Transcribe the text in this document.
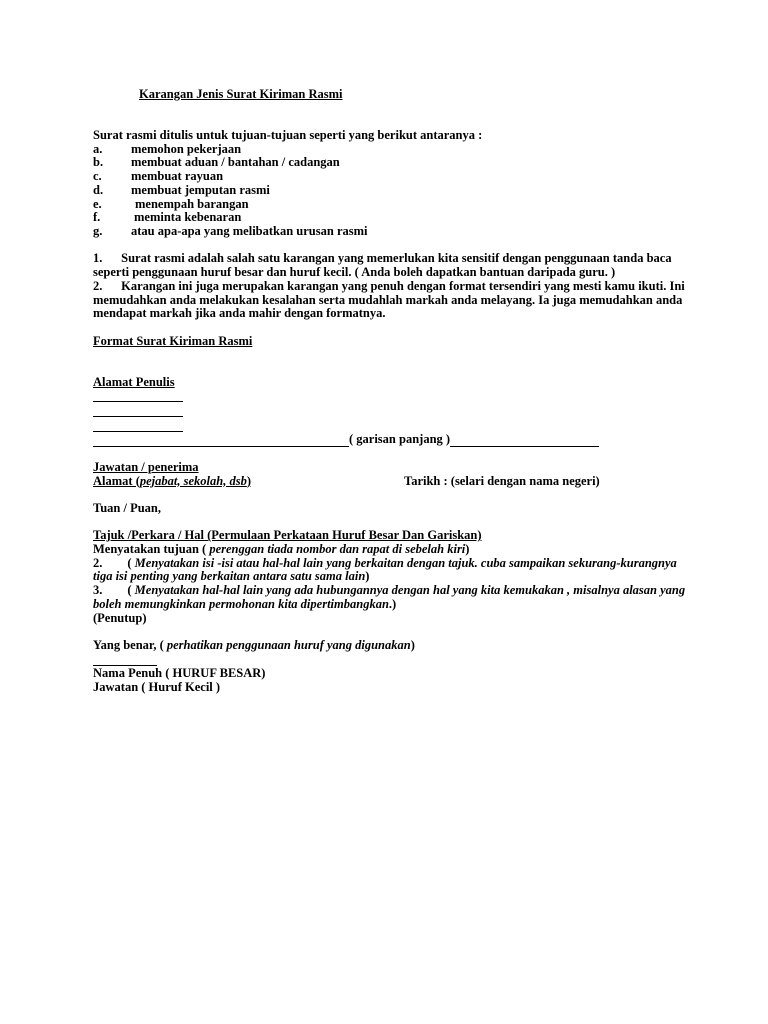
Karangan Jenis Surat Kiriman Rasmi
Surat rasmi ditulis untuk tujuan-tujuan seperti yang berikut antaranya :
a.	memohon pekerjaan
b.	membuat aduan / bantahan / cadangan
c.	membuat rayuan
d.	membuat jemputan rasmi
e.	menempah barangan
f.	meminta kebenaran
g.	atau apa-apa yang melibatkan urusan rasmi
1.      Surat rasmi adalah salah satu karangan yang memerlukan kita sensitif dengan penggunaan tanda baca seperti penggunaan huruf besar dan huruf kecil. ( Anda boleh dapatkan bantuan daripada guru. )
2.      Karangan ini juga merupakan karangan yang penuh dengan format tersendiri yang mesti kamu ikuti. Ini memudahkan anda melakukan kesalahan serta mudahlah markah anda melayang. Ia juga memudahkan anda mendapat markah jika anda mahir dengan formatnya.
Format Surat Kiriman Rasmi
Alamat Penulis
( garisan panjang )
Jawatan / penerima
Alamat (pejabat, sekolah, dsb)	Tarikh : (selari dengan nama negeri)
Tuan / Puan,
Tajuk /Perkara / Hal (Permulaan Perkataan Huruf Besar Dan Gariskan)
Menyatakan tujuan ( perenggan tiada nombor dan rapat di sebelah kiri)
2.        ( Menyatakan isi -isi atau hal-hal lain yang berkaitan dengan tajuk. cuba sampaikan sekurang-kurangnya tiga isi penting yang berkaitan antara satu sama lain)
3.        ( Menyatakan hal-hal lain yang ada hubungannya dengan hal yang kita kemukakan , misalnya alasan yang boleh memungkinkan permohonan kita dipertimbangkan.)
(Penutup)
Yang benar, ( perhatikan penggunaan huruf yang digunakan)
Nama Penuh ( HURUF BESAR)
Jawatan ( Huruf Kecil )
